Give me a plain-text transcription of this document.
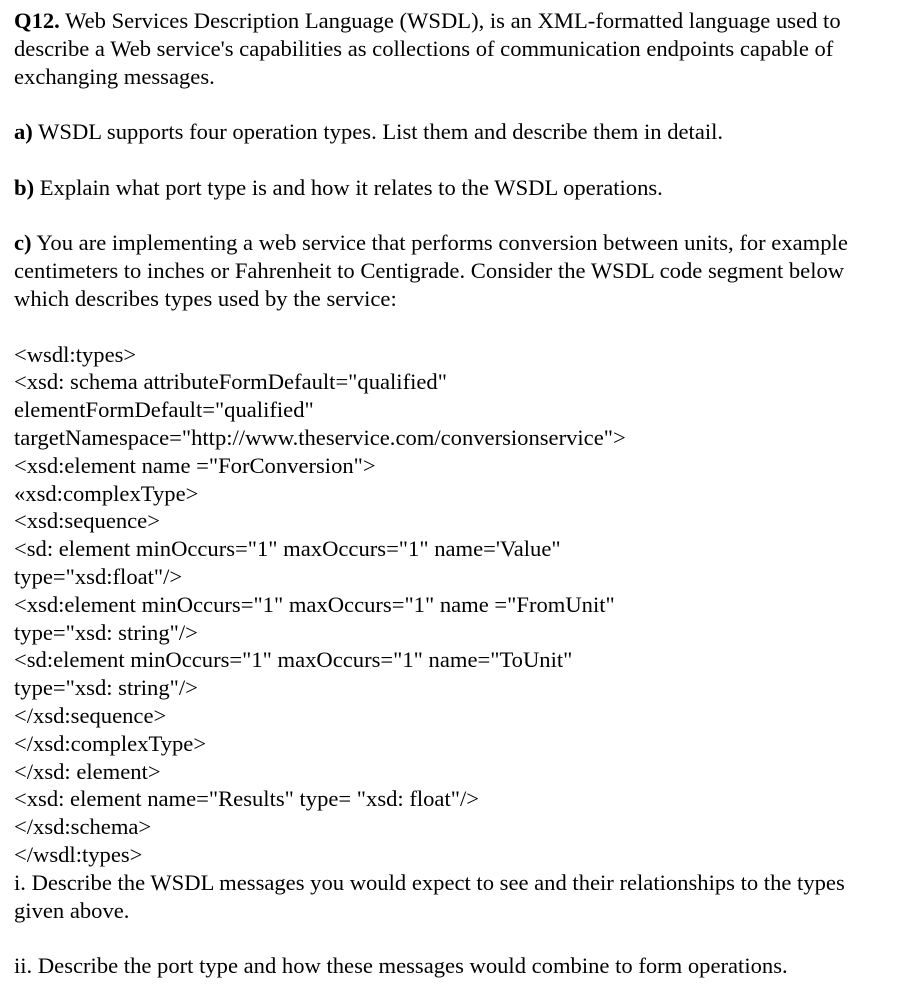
Q12. Web Services Description Language (WSDL), is an XML-formatted language used to
describe a Web service's capabilities as collections of communication endpoints capable of
exchanging messages.
a) WSDL supports four operation types. List them and describe them in detail.
b) Explain what port type is and how it relates to the WSDL operations.
c) You are implementing a web service that performs conversion between units, for example
centimeters to inches or Fahrenheit to Centigrade. Consider the WSDL code segment below
which describes types used by the service:
<wsdl:types>
<xsd: schema attributeFormDefault="qualified"
elementFormDefault="qualified"
targetNamespace="http://www.theservice.com/conversionservice">
<xsd:element name ="ForConversion">
«xsd:complexType>
<xsd:sequence>
<sd: element minOccurs="1" maxOccurs="1" name='Value"
type="xsd:float"/>
<xsd:element minOccurs="1" maxOccurs="1" name ="FromUnit"
type="xsd: string"/>
<sd:element minOccurs="1" maxOccurs="1" name="ToUnit"
type="xsd: string"/>
</xsd:sequence>
</xsd:complexType>
</xsd: element>
<xsd: element name="Results" type= "xsd: float"/>
</xsd:schema>
</wsdl:types>
i. Describe the WSDL messages you would expect to see and their relationships to the types
given above.
ii. Describe the port type and how these messages would combine to form operations.
